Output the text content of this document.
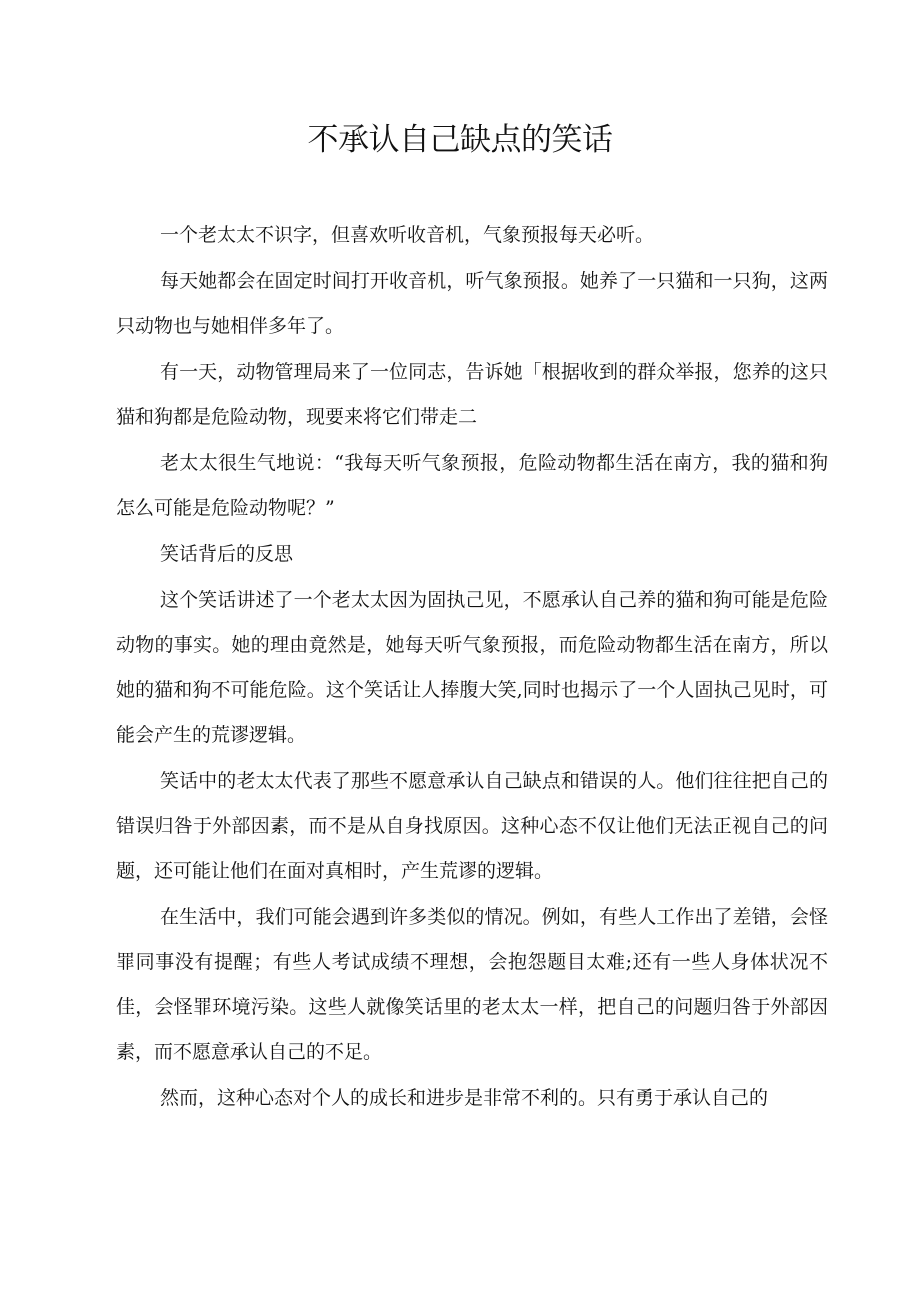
不承认自己缺点的笑话

一个老太太不识字，但喜欢听收音机，气象预报每天必听。

每天她都会在固定时间打开收音机，听气象预报。她养了一只猫和一只狗，这两只动物也与她相伴多年了。

有一天，动物管理局来了一位同志，告诉她「根据收到的群众举报，您养的这只猫和狗都是危险动物，现要来将它们带走二

老太太很生气地说：“我每天听气象预报，危险动物都生活在南方，我的猫和狗怎么可能是危险动物呢？”

笑话背后的反思

这个笑话讲述了一个老太太因为固执己见，不愿承认自己养的猫和狗可能是危险动物的事实。她的理由竟然是，她每天听气象预报，而危险动物都生活在南方，所以她的猫和狗不可能危险。这个笑话让人捧腹大笑,同时也揭示了一个人固执己见时，可能会产生的荒谬逻辑。

笑话中的老太太代表了那些不愿意承认自己缺点和错误的人。他们往往把自己的错误归咎于外部因素，而不是从自身找原因。这种心态不仅让他们无法正视自己的问题，还可能让他们在面对真相时，产生荒谬的逻辑。

在生活中，我们可能会遇到许多类似的情况。例如，有些人工作出了差错，会怪罪同事没有提醒；有些人考试成绩不理想，会抱怨题目太难;还有一些人身体状况不佳，会怪罪环境污染。这些人就像笑话里的老太太一样，把自己的问题归咎于外部因素，而不愿意承认自己的不足。

然而，这种心态对个人的成长和进步是非常不利的。只有勇于承认自己的
